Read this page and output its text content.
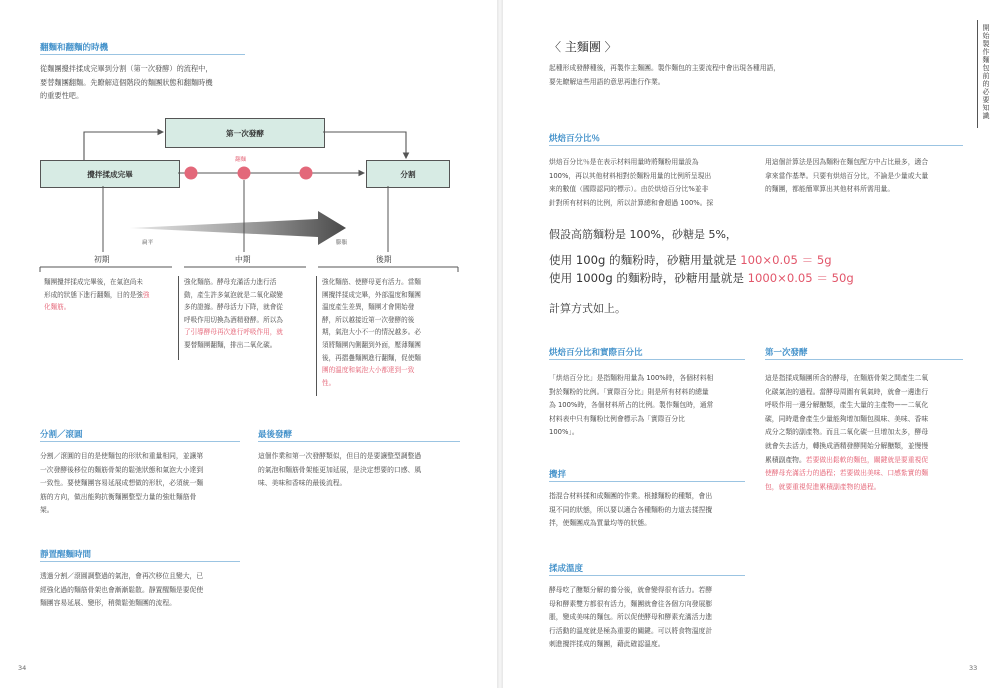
翻麵和翻麵的時機
從麵團攪拌揉成完畢到分割（第一次發酵）的流程中，
要替麵團翻麵。先瞭解這個階段的麵團狀態和翻麵時機
的重要性吧。
第一次發酵
攪拌揉成完畢	分割
翻麵
扁平	膨脹
初期	中期	後期
麵團攪拌揉成完畢後，在氣泡尚未
形成的狀態下進行翻麵，目的是強強
化麵筋。
強化麵筋。酵母充滿活力進行活
動，產生許多氣泡就是二氧化碳變
多的證據。酵母活力下降，就會從
呼吸作用切換為酒精發酵。所以為
了引導酵母再次進行呼吸作用，就
要替麵團翻麵，排出二氧化碳。
強化麵筋、使酵母更有活力。當麵
團攪拌揉成完畢，外部溫度和麵團
溫度產生差異，麵團才會開始發
酵，所以越接近第一次發酵的後
期，氣泡大小不一的情況越多。必
須將麵團內側翻到外面，壓薄麵團
後，再摺疊麵團進行翻麵，促使麵
團的溫度和氣泡大小都達到一致
性。
分割／滾圓
分割／滾圓的目的是使麵包的形狀和重量相同，並讓第
一次發酵後移位的麵筋骨架的鬆弛狀態和氣泡大小達到
一致性。要使麵團容易延展成想做的形狀，必須統一麵
筋的方向，做出能夠抗衡麵團整型力量的強壯麵筋骨
架。
最後發酵
這個作業和第一次發酵類似，但目的是要讓整型調整過
的氣泡和麵筋骨架能更加延展，是決定想要的口感、風
味、美味和香味的最後流程。
靜置醒麵時間
透過分割／滾圓調整過的氣泡，會再次移位且變大，已
經強化過的麵筋骨架也會漸漸鬆散。靜置醒麵是要促使
麵團容易延展、變形，稍微鬆弛麵團的流程。
34
〈 主麵團 〉
起種形成發酵種後，再製作主麵團。製作麵包的主要流程中會出現各種用語，
要先瞭解這些用語的意思再進行作業。
烘焙百分比％
烘焙百分比％是在表示材料用量時將麵粉用量設為
100%，再以其他材料相對於麵粉用量的比例所呈現出
來的數值（國際認同的標示）。由於烘焙百分比%並非
針對所有材料的比例，所以計算總和會超過 100%。採
用這個計算法是因為麵粉在麵包配方中占比最多，適合
拿來當作基準。只要有烘焙百分比，不論是少量或大量
的麵團，都能簡單算出其他材料所需用量。
假設高筋麵粉是 100%，砂糖是 5%，
使用 100g 的麵粉時，砂糖用量就是 100×0.05 ＝ 5g
使用 1000g 的麵粉時，砂糖用量就是 1000×0.05 ＝ 50g
計算方式如上。
烘焙百分比和實際百分比
「烘焙百分比」是指麵粉用量為 100%時，各個材料相
對於麵粉的比例。「實際百分比」則是所有材料的總量
為 100%時，各個材料所占的比例。製作麵包時，通常
材料表中只有麵粉比例會標示為「實際百分比
100%」。
第一次發酵
這是指揉成麵團所含的酵母，在麵筋骨架之間產生二氧
化碳氣泡的過程。當酵母周圍有氧氣時，就會一邊進行
呼吸作用一邊分解醣類，產生大量的主產物——二氧化
碳，同時還會產生少量能夠增加麵包風味、美味、香味
成分之類的副產物。而且二氧化碳一旦增加太多，酵母
就會失去活力，轉換成酒精發酵開始分解醣類，並慢慢
累積副產物。若要做出鬆軟的麵包，關鍵就是要重視促
使酵母充滿活力的過程；若要做出美味、口感紮實的麵
包，就要重視促進累積副產物的過程。
攪拌
指混合材料揉和成麵團的作業。根據麵粉的種類，會出
現不同的狀態，所以要以適合各種麵粉的力道去揉捏攪
拌，使麵團成為質量均等的狀態。
揉成溫度
酵母吃了醣類分解的養分後，就會變得很有活力。若酵
母和酵素雙方都很有活力，麵團就會往各個方向發展膨
脹，變成美味的麵包。所以促使酵母和酵素充滿活力進
行活動的溫度就是極為重要的關鍵。可以將食物溫度計
刺進攪拌揉成的麵團，藉此確認溫度。
開始製作麵包前的必要知識
33
